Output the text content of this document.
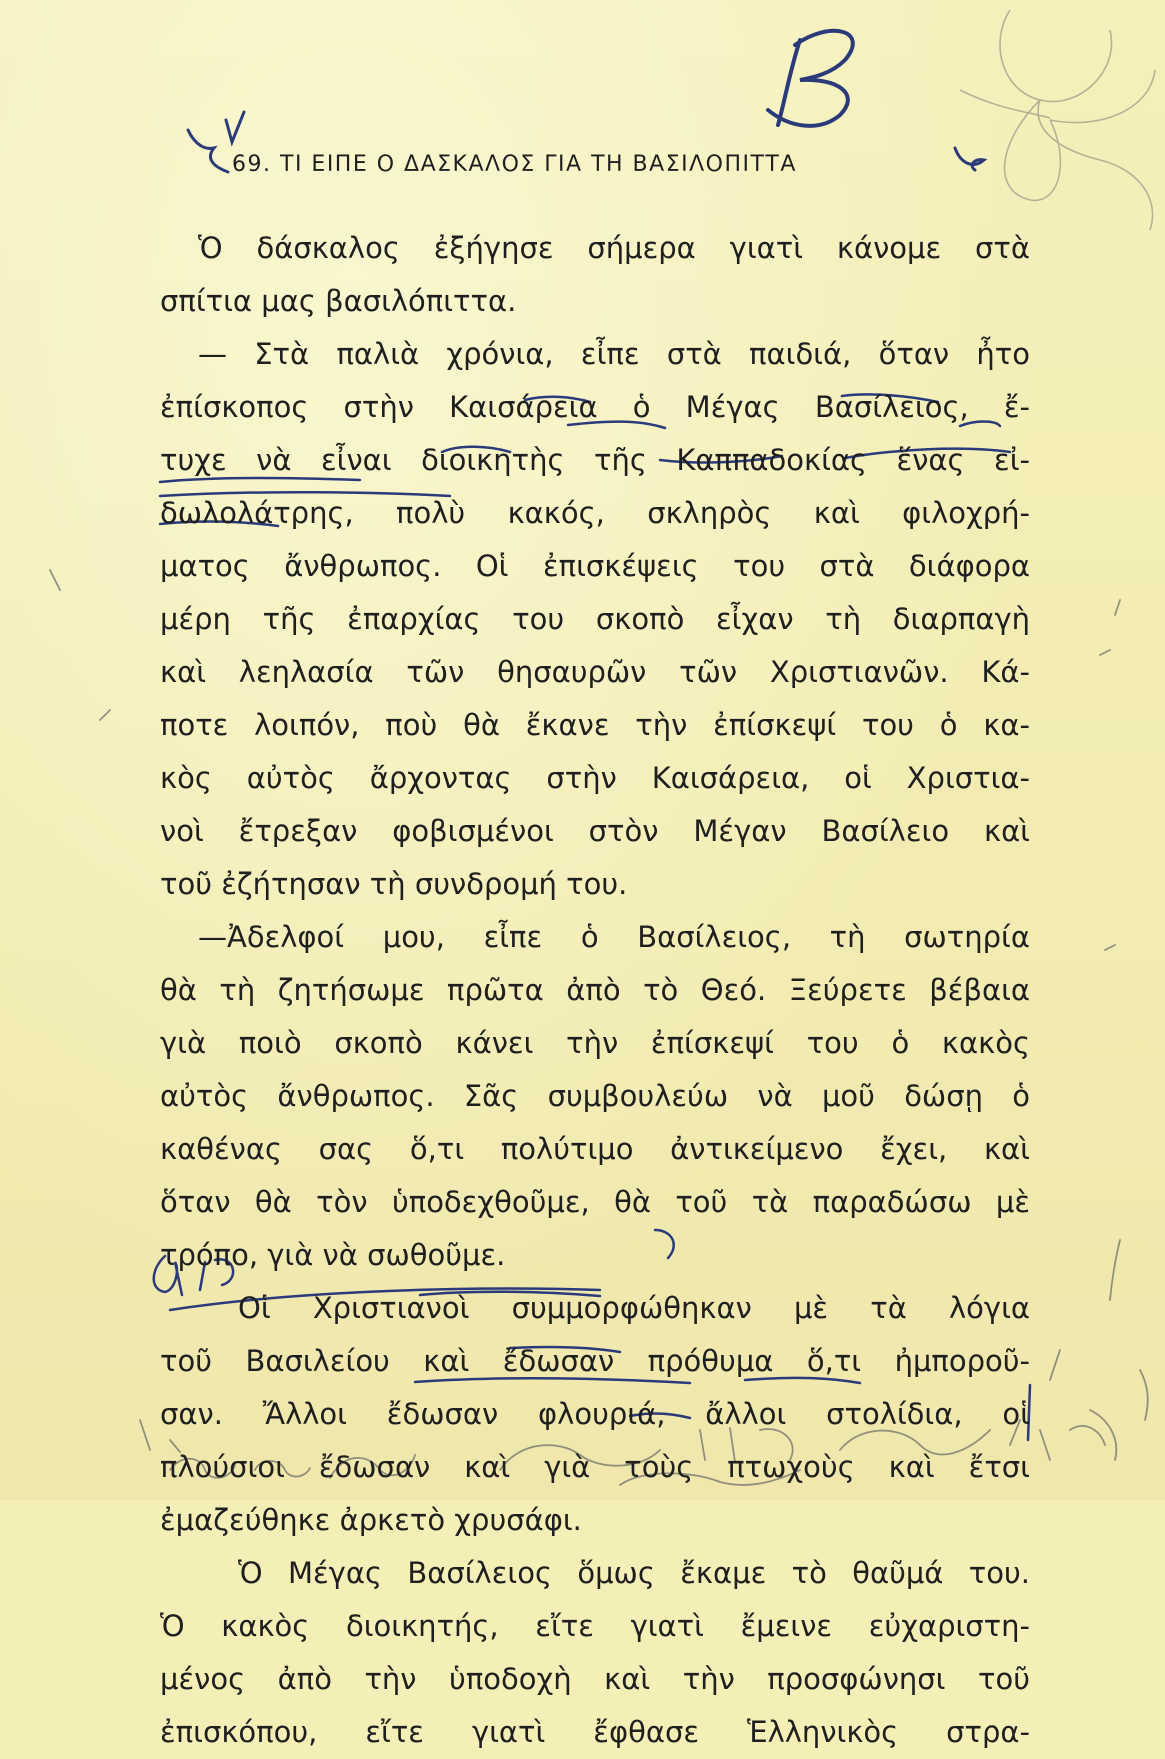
69. ΤΙ ΕΙΠΕ Ο ΔΑΣΚΑΛΟΣ ΓΙΑ ΤΗ ΒΑΣΙΛΟΠΙΤΤΑ
Ὁ δάσκαλος ἐξήγησε σήμερα γιατὶ κάνομε στὰ
σπίτια μας βασιλόπιττα.
— Στὰ παλιὰ χρόνια, εἶπε στὰ παιδιά, ὅταν ἦτο
ἐπίσκοπος στὴν Καισάρεια ὁ Μέγας Βασίλειος, ἔ-
τυχε νὰ εἶναι διοικητὴς τῆς Καππαδοκίας ἕνας εἰ-
δωλολάτρης, πολὺ κακός, σκληρὸς καὶ φιλοχρή-
ματος ἄνθρωπος. Οἱ ἐπισκέψεις του στὰ διάφορα
μέρη τῆς ἐπαρχίας του σκοπὸ εἶχαν τὴ διαρπαγὴ
καὶ λεηλασία τῶν θησαυρῶν τῶν Χριστιανῶν. Κά-
ποτε λοιπόν, ποὺ θὰ ἔκανε τὴν ἐπίσκεψί του ὁ κα-
κὸς αὐτὸς ἄρχοντας στὴν Καισάρεια, οἱ Χριστια-
νοὶ ἔτρεξαν φοβισμένοι στὸν Μέγαν Βασίλειο καὶ
τοῦ ἐζήτησαν τὴ συνδρομή του.
—Ἀδελφοί μου, εἶπε ὁ Βασίλειος, τὴ σωτηρία
θὰ τὴ ζητήσωμε πρῶτα ἀπὸ τὸ Θεό. Ξεύρετε βέβαια
γιὰ ποιὸ σκοπὸ κάνει τὴν ἐπίσκεψί του ὁ κακὸς
αὐτὸς ἄνθρωπος. Σᾶς συμβουλεύω νὰ μοῦ δώσῃ ὁ
καθένας σας ὅ,τι πολύτιμο ἀντικείμενο ἔχει, καὶ
ὅταν θὰ τὸν ὑποδεχθοῦμε, θὰ τοῦ τὰ παραδώσω μὲ
τρόπο, γιὰ νὰ σωθοῦμε.
Οἱ Χριστιανοὶ συμμορφώθηκαν μὲ τὰ λόγια
τοῦ Βασιλείου καὶ ἔδωσαν πρόθυμα ὅ,τι ἠμποροῦ-
σαν. Ἄλλοι ἔδωσαν φλουριά, ἄλλοι στολίδια, οἱ
πλούσιοι ἔδωσαν καὶ γιὰ τοὺς πτωχοὺς καὶ ἔτσι
ἐμαζεύθηκε ἀρκετὸ χρυσάφι.
Ὁ Μέγας Βασίλειος ὅμως ἔκαμε τὸ θαῦμά του.
Ὁ κακὸς διοικητής, εἴτε γιατὶ ἔμεινε εὐχαριστη-
μένος ἀπὸ τὴν ὑποδοχὴ καὶ τὴν προσφώνησι τοῦ
ἐπισκόπου, εἴτε γιατὶ ἔφθασε Ἑλληνικὸς στρα-
